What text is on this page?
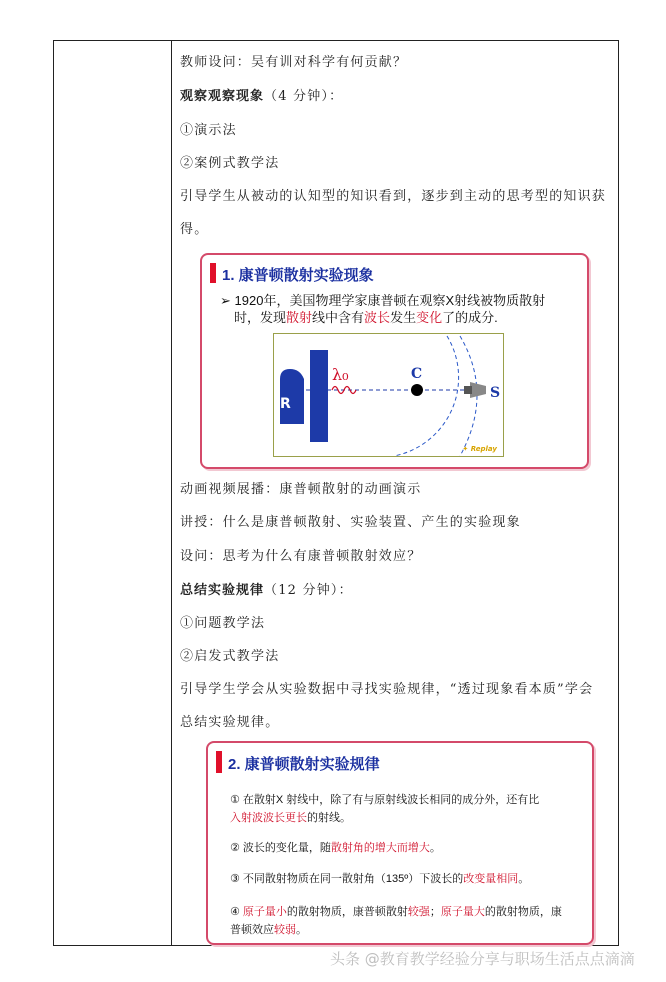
教师设问：吴有训对科学有何贡献？
观察观察现象（4 分钟）：
①演示法
②案例式教学法
引导学生从被动的认知型的知识看到，逐步到主动的思考型的知识获
得。
1. 康普顿散射实验现象
➢ 1920年，美国物理学家康普顿在观察X射线被物质散射
时，发现散射线中含有波长发生变化了的成分.
R
λ₀	C
S
✦ Replay
动画视频展播：康普顿散射的动画演示
讲授：什么是康普顿散射、实验装置、产生的实验现象
设问：思考为什么有康普顿散射效应？
总结实验规律（12 分钟）：
①问题教学法
②启发式教学法
引导学生学会从实验数据中寻找实验规律，“透过现象看本质”学会
总结实验规律。
2. 康普顿散射实验规律
① 在散射X 射线中，除了有与原射线波长相同的成分外，还有比
入射波波长更长的射线。
② 波长的变化量，随散射角的增大而增大。
③ 不同散射物质在同一散射角（135º）下波长的改变量相同。
④ 原子量小的散射物质，康普顿散射较强；原子量大的散射物质，康
普顿效应较弱。
头条 @教育教学经验分享与职场生活点点滴滴
